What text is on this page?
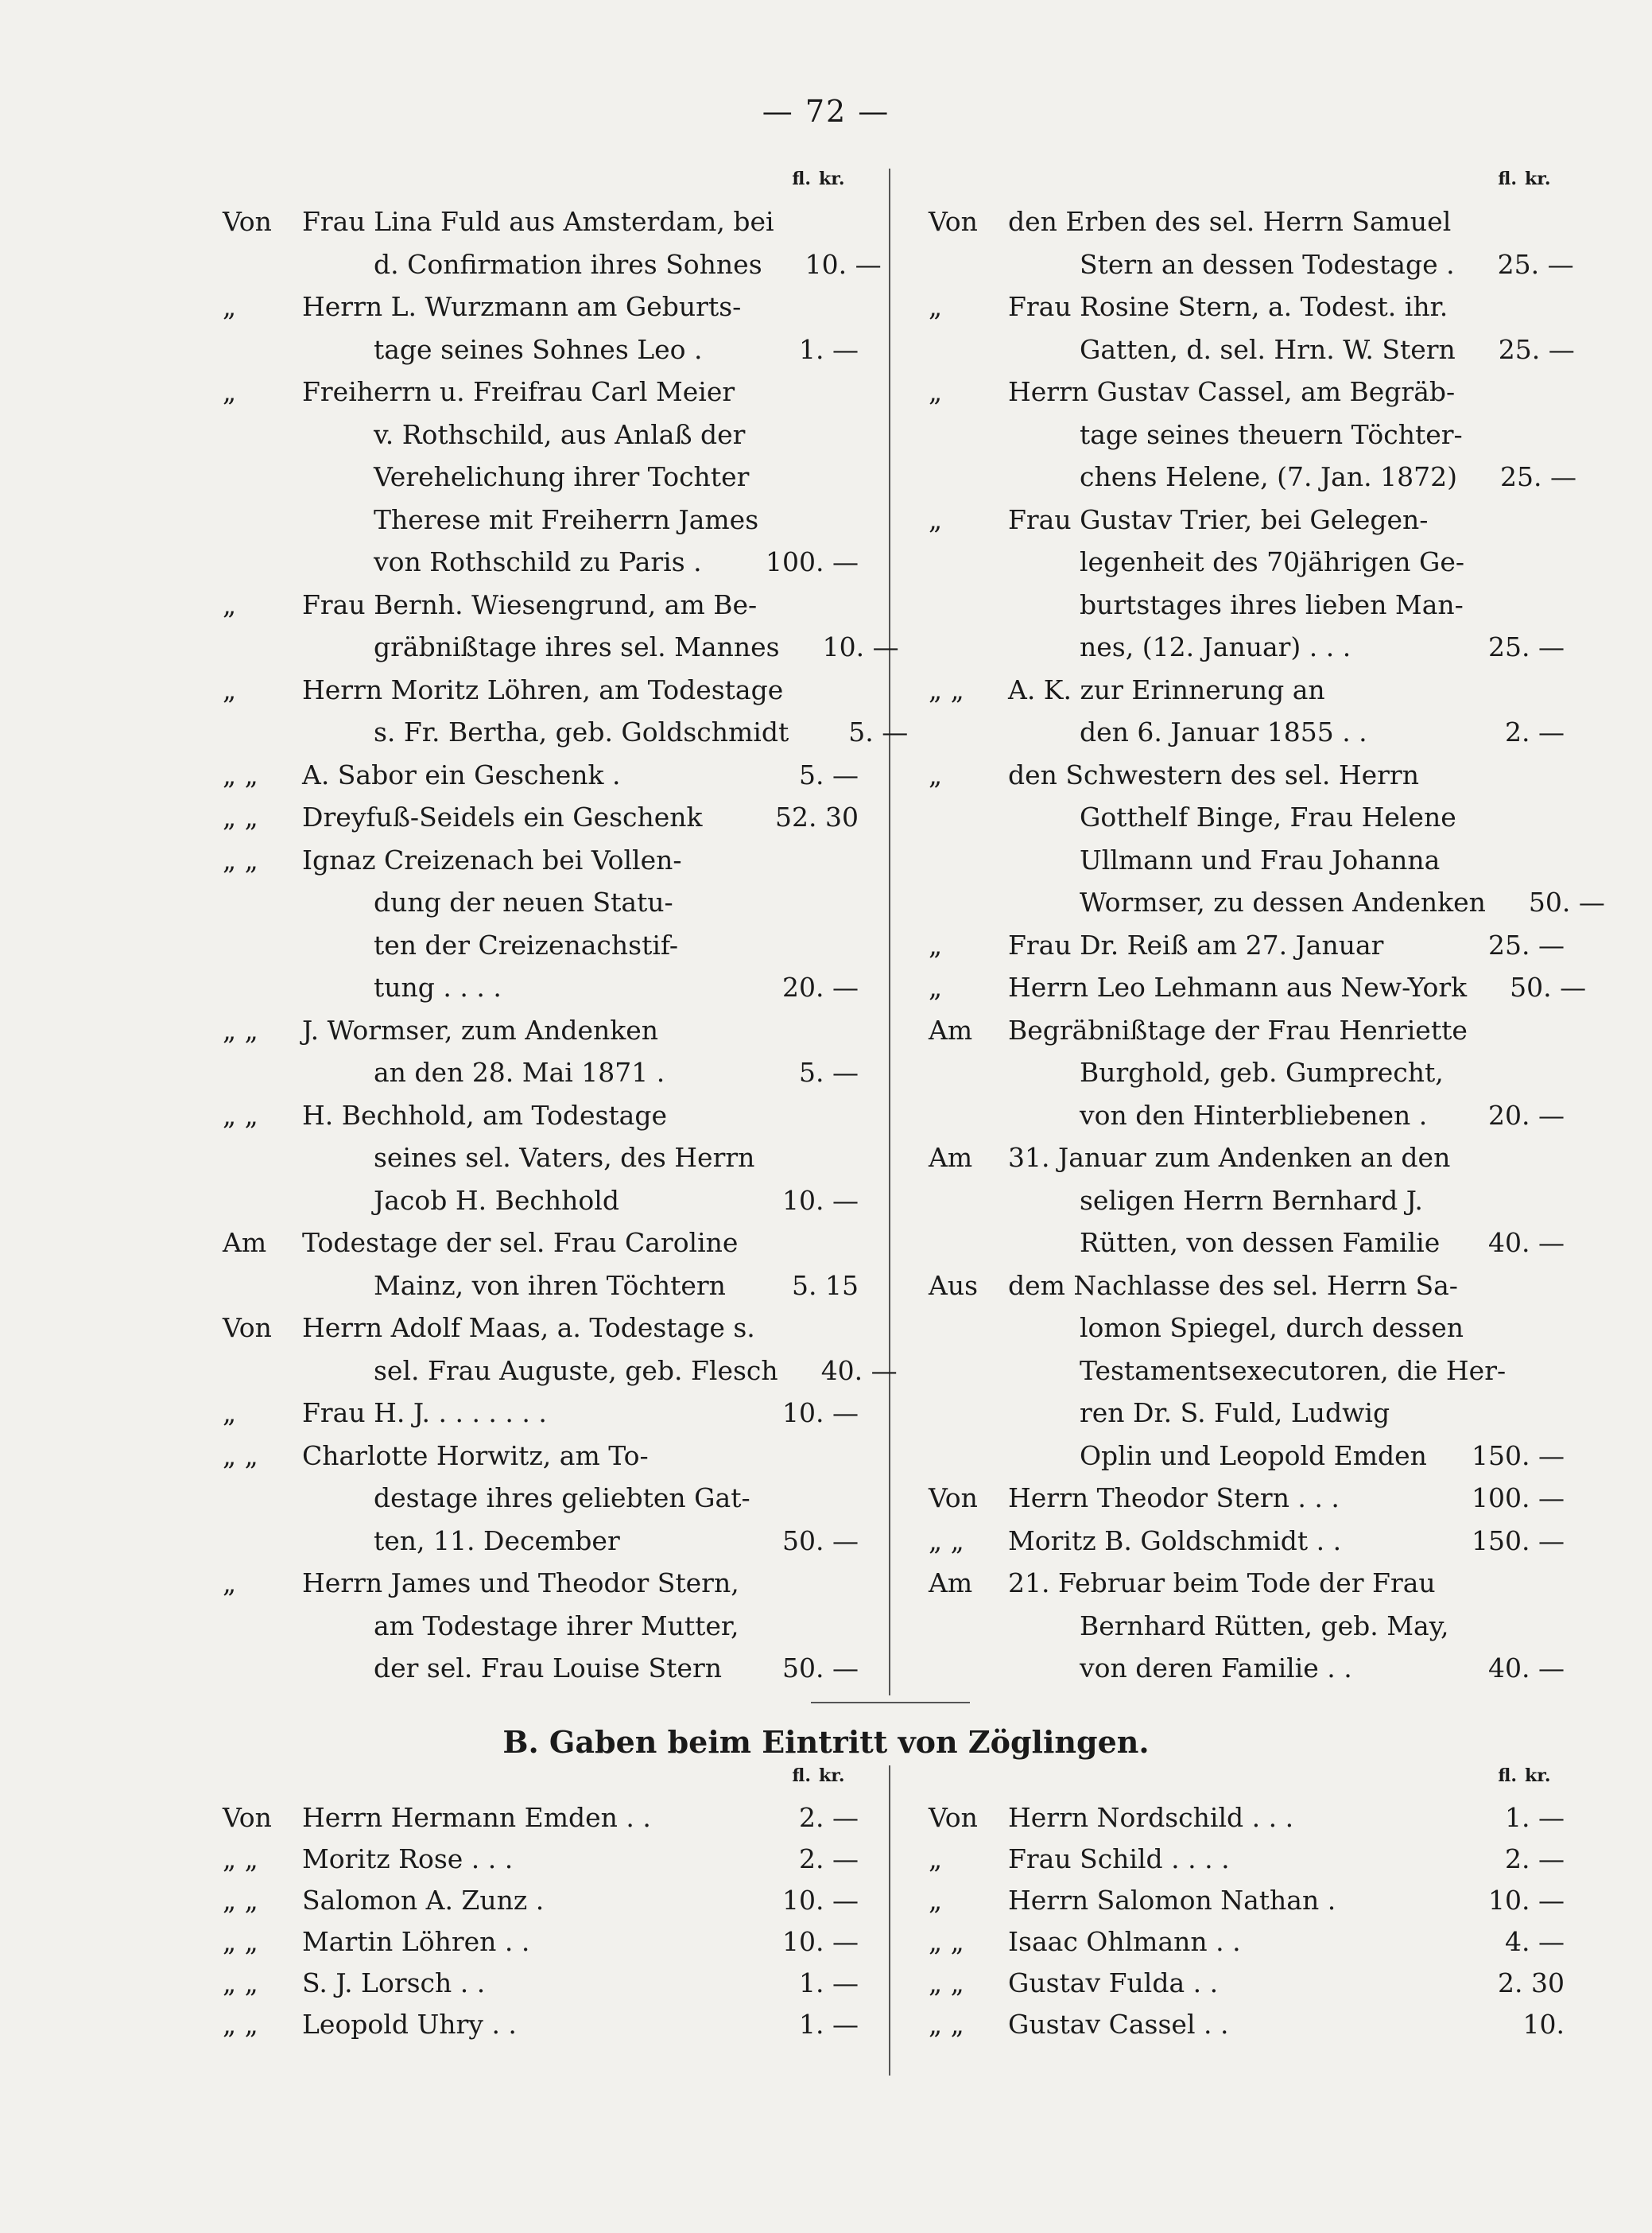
— 72 —
fl. kr.
Von	Frau Lina Fuld aus Amsterdam, bei
d. Confirmation ihres Sohnes	10. —
„	Herrn L. Wurzmann am Geburts-
tage seines Sohnes Leo .	1. —
„	Freiherrn u. Freifrau Carl Meier
v. Rothschild, aus Anlaß der
Verehelichung ihrer Tochter
Therese mit Freiherrn James
von Rothschild zu Paris .	100. —
„	Frau Bernh. Wiesengrund, am Be-
gräbnißtage ihres sel. Mannes	10. —
„	Herrn Moritz Löhren, am Todestage
s. Fr. Bertha, geb. Goldschmidt	5. —
„ „	A. Sabor ein Geschenk .	5. —
„ „	Dreyfuß-Seidels ein Geschenk	52. 30
„ „	Ignaz Creizenach bei Vollen-
dung der neuen Statu-
ten der Creizenachstif-
tung . . . .	20. —
„ „	J. Wormser, zum Andenken
an den 28. Mai 1871 .	5. —
„ „	H. Bechhold, am Todestage
seines sel. Vaters, des Herrn
Jacob H. Bechhold	10. —
Am	Todestage der sel. Frau Caroline
Mainz, von ihren Töchtern	5. 15
Von	Herrn Adolf Maas, a. Todestage s.
sel. Frau Auguste, geb. Flesch	40. —
„	Frau H. J. . . . . . . .	10. —
„ „	Charlotte Horwitz, am To-
destage ihres geliebten Gat-
ten, 11. December	50. —
„	Herrn James und Theodor Stern,
am Todestage ihrer Mutter,
der sel. Frau Louise Stern	50. —
fl. kr.
Von	den Erben des sel. Herrn Samuel
Stern an dessen Todestage .	25. —
„	Frau Rosine Stern, a. Todest. ihr.
Gatten, d. sel. Hrn. W. Stern	25. —
„	Herrn Gustav Cassel, am Begräb-
tage seines theuern Töchter-
chens Helene, (7. Jan. 1872)	25. —
„	Frau Gustav Trier, bei Gelegen-
legenheit des 70jährigen Ge-
burtstages ihres lieben Man-
nes, (12. Januar) . . .	25. —
„ „	A. K. zur Erinnerung an
den 6. Januar 1855 . .	2. —
„	den Schwestern des sel. Herrn
Gotthelf Binge, Frau Helene
Ullmann und Frau Johanna
Wormser, zu dessen Andenken	50. —
„	Frau Dr. Reiß am 27. Januar	25. —
„	Herrn Leo Lehmann aus New-York	50. —
Am	Begräbnißtage der Frau Henriette
Burghold, geb. Gumprecht,
von den Hinterbliebenen .	20. —
Am	31. Januar zum Andenken an den
seligen Herrn Bernhard J.
Rütten, von dessen Familie	40. —
Aus	dem Nachlasse des sel. Herrn Sa-
lomon Spiegel, durch dessen
Testamentsexecutoren, die Her-
ren Dr. S. Fuld, Ludwig
Oplin und Leopold Emden	150. —
Von	Herrn Theodor Stern . . .	100. —
„ „	Moritz B. Goldschmidt . .	150. —
Am	21. Februar beim Tode der Frau
Bernhard Rütten, geb. May,
von deren Familie . .	40. —
B. Gaben beim Eintritt von Zöglingen.
fl. kr.
Von	Herrn Hermann Emden . .	2. —
„ „	Moritz Rose . . .	2. —
„ „	Salomon A. Zunz .	10. —
„ „	Martin Löhren . .	10. —
„ „	S. J. Lorsch . .	1. —
„ „	Leopold Uhry . .	1. —
fl. kr.
Von	Herrn Nordschild . . .	1. —
„	Frau Schild . . . .	2. —
„	Herrn Salomon Nathan .	10. —
„ „	Isaac Ohlmann . .	4. —
„ „	Gustav Fulda . .	2. 30
„ „	Gustav Cassel . .	10.
